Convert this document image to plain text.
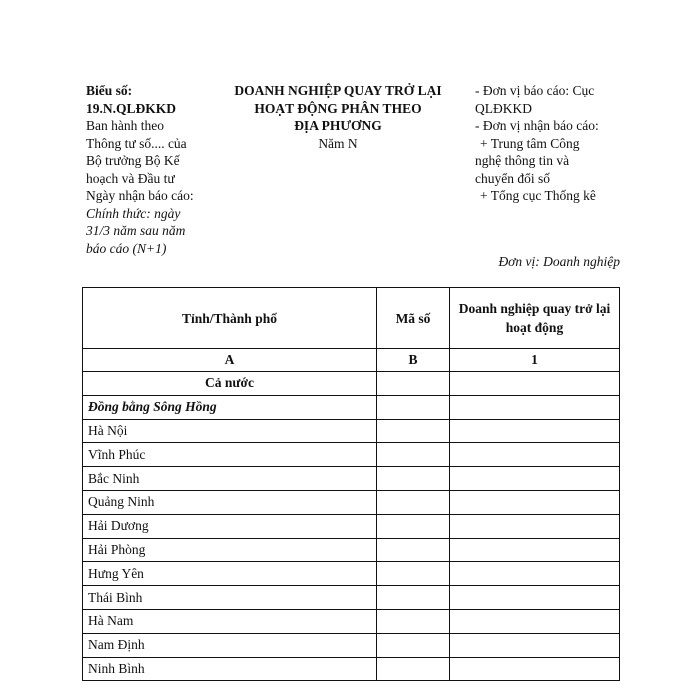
Biểu số:
19.N.QLĐKKD
Ban hành theo
Thông tư số.... của
Bộ trưởng Bộ Kế
hoạch và Đầu tư
Ngày nhận báo cáo:
Chính thức: ngày
31/3 năm sau năm
báo cáo (N+1)
DOANH NGHIỆP QUAY TRỞ LẠI
HOẠT ĐỘNG PHÂN THEO
ĐỊA PHƯƠNG
Năm N
- Đơn vị báo cáo: Cục
QLĐKKD
- Đơn vị nhận báo cáo:
+ Trung tâm Công
nghệ thông tin và
chuyển đổi số
+ Tổng cục Thống kê
Đơn vị: Doanh nghiệp
Tỉnh/Thành phố	Mã số	Doanh nghiệp quay trở lại hoạt động
A	B	1
Cả nước		
Đồng bằng Sông Hồng		
Hà Nội		
Vĩnh Phúc		
Bắc Ninh		
Quảng Ninh		
Hải Dương		
Hải Phòng		
Hưng Yên		
Thái Bình		
Hà Nam		
Nam Định		
Ninh Bình		
